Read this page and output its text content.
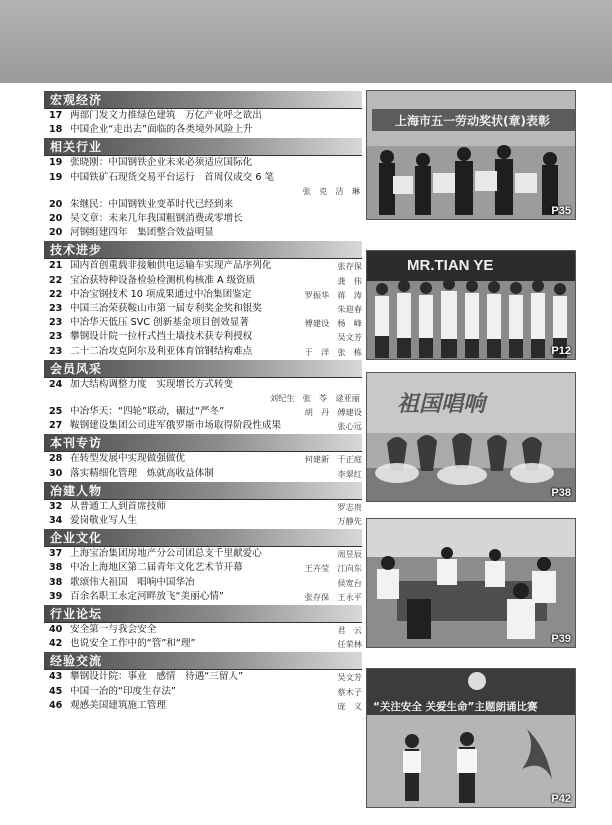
宏观经济
17 两部门发文力推绿色建筑　万亿产业呼之欲出
18 中国企业“走出去”面临的各类境外风险上升
相关行业
19 张晓刚：中国钢铁企业未来必须适应国际化
19 中国铁矿石现货交易平台运行　首周仅成交 6 笔
张　克　洁　琳
20 朱继民：中国钢铁业变革时代已经到来
20 吴文章：未来几年我国粗钢消费或零增长
20 河钢组建四年　集团整合效益明显
技术进步
21 国内首创重载非接触供电运输车实现产品序列化	张存保
22 宝冶获特种设备检验检测机构核准 A 级资质	龚　伟
22 中冶宝钢技术 10 项成果通过中冶集团鉴定	罗振华　蒋　涛
23 中国三冶荣获鞍山市第一届专利奖金奖和银奖	朱迎春
23 中冶华天低压 SVC 创新基金项目创效显著	傅建设　杨　峰
23 攀钢设计院一拉杆式挡土墙技术获专利授权	吴文芳
23 二十二冶攻克阿尔及利亚体育馆钢结构难点	于　洋　张　栋
会员风采
24 加大结构调整力度　实现增长方式转变
刘纪生　张　苓　逯亚丽
25 中冶华天：“四轮”联动，碾过“严冬”	胡　丹　傅建设
27 鞍钢建设集团公司进军俄罗斯市场取得阶段性成果	张心远
本刊专访
28 在转型发展中实现做强做优	何建新　于正庭
30 落实精细化管理　炼就高收益体制	李翠红
冶建人物
32 从普通工人到首席技师	罗志贵
34 爱岗敬业写人生	万静先
企业文化
37 上海宝冶集团房地产分公司团总支千里献爱心	周昱辰
38 中冶上海地区第二届青年文化艺术节开幕	王卉莹　江向东
38 歌颂伟大祖国　唱响中国华冶	侯宽台
39 百余名职工永定河畔放飞“美丽心情”	张存保　王永平
行业论坛
40 安全第一与我会安全	君　云
42 也说安全工作中的“管”和“理”	任荣林
经验交流
43 攀钢设计院：事业　感情　待遇“三留人”	吴文芳
45 中国一冶的“印度生存法”	蔡木子
46 观感美国建筑施工管理	庞　义
上海市五一劳动奖状(章)表彰
P35
MR.TIAN YE
P12
祖国唱响
P38
P39
“关注安全 关爱生命”主题朗诵比赛
P42
